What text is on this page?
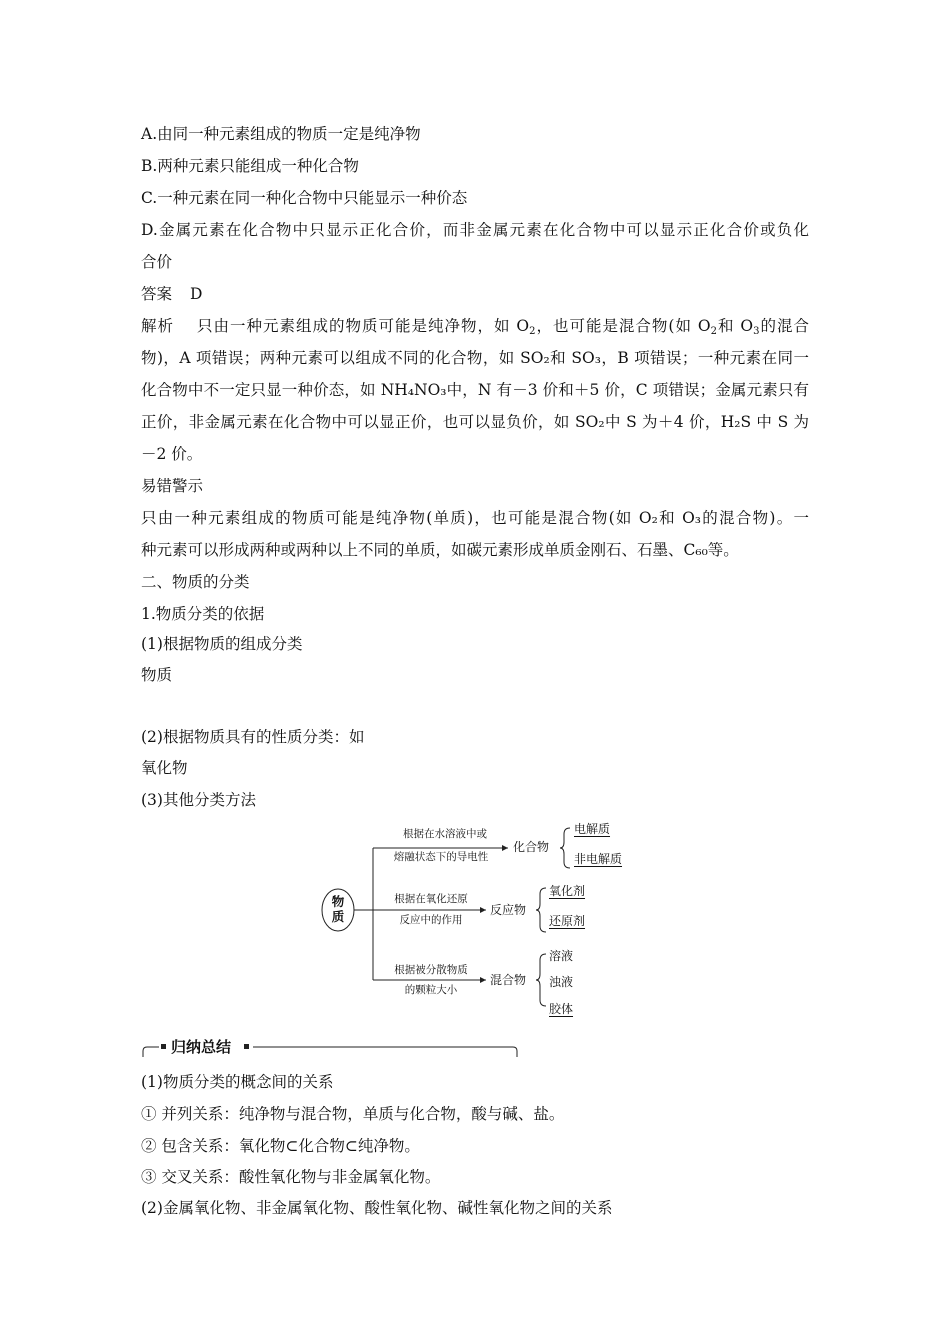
A.由同一种元素组成的物质一定是纯净物
B.两种元素只能组成一种化合物
C.一种元素在同一种化合物中只能显示一种价态
D.金属元素在化合物中只显示正化合价，而非金属元素在化合物中可以显示正化合价或负化
合价
答案 D
解析 只由一种元素组成的物质可能是纯净物，如 $O_2$，也可能是混合物(如 $O_2$和 $O_3$的混合
物)，A 项错误；两种元素可以组成不同的化合物，如 SO₂和 SO₃，B 项错误；一种元素在同一
化合物中不一定只显一种价态，如 NH₄NO₃中，N 有－3 价和＋5 价，C 项错误；金属元素只有
正价，非金属元素在化合物中可以显正价，也可以显负价，如 SO₂中 S 为＋4 价，H₂S 中 S 为
－2 价。
易错警示
只由一种元素组成的物质可能是纯净物(单质)，也可能是混合物(如 O₂和 O₃的混合物)。一
种元素可以形成两种或两种以上不同的单质，如碳元素形成单质金刚石、石墨、C₆₀等。
二、物质的分类
1.物质分类的依据
(1)根据物质的组成分类
物质
(2)根据物质具有的性质分类：如
氧化物
(3)其他分类方法
物质
根据在水溶液中或
熔融状态下的导电性
化合物
电解质
非电解质
根据在氧化还原
反应中的作用
反应物
氧化剂
还原剂
根据被分散物质
的颗粒大小
混合物
溶液
浊液
胶体
归纳总结
(1)物质分类的概念间的关系
① 并列关系：纯净物与混合物，单质与化合物，酸与碱、盐。
② 包含关系：氧化物⊂化合物⊂纯净物。
③ 交叉关系：酸性氧化物与非金属氧化物。
(2)金属氧化物、非金属氧化物、酸性氧化物、碱性氧化物之间的关系
